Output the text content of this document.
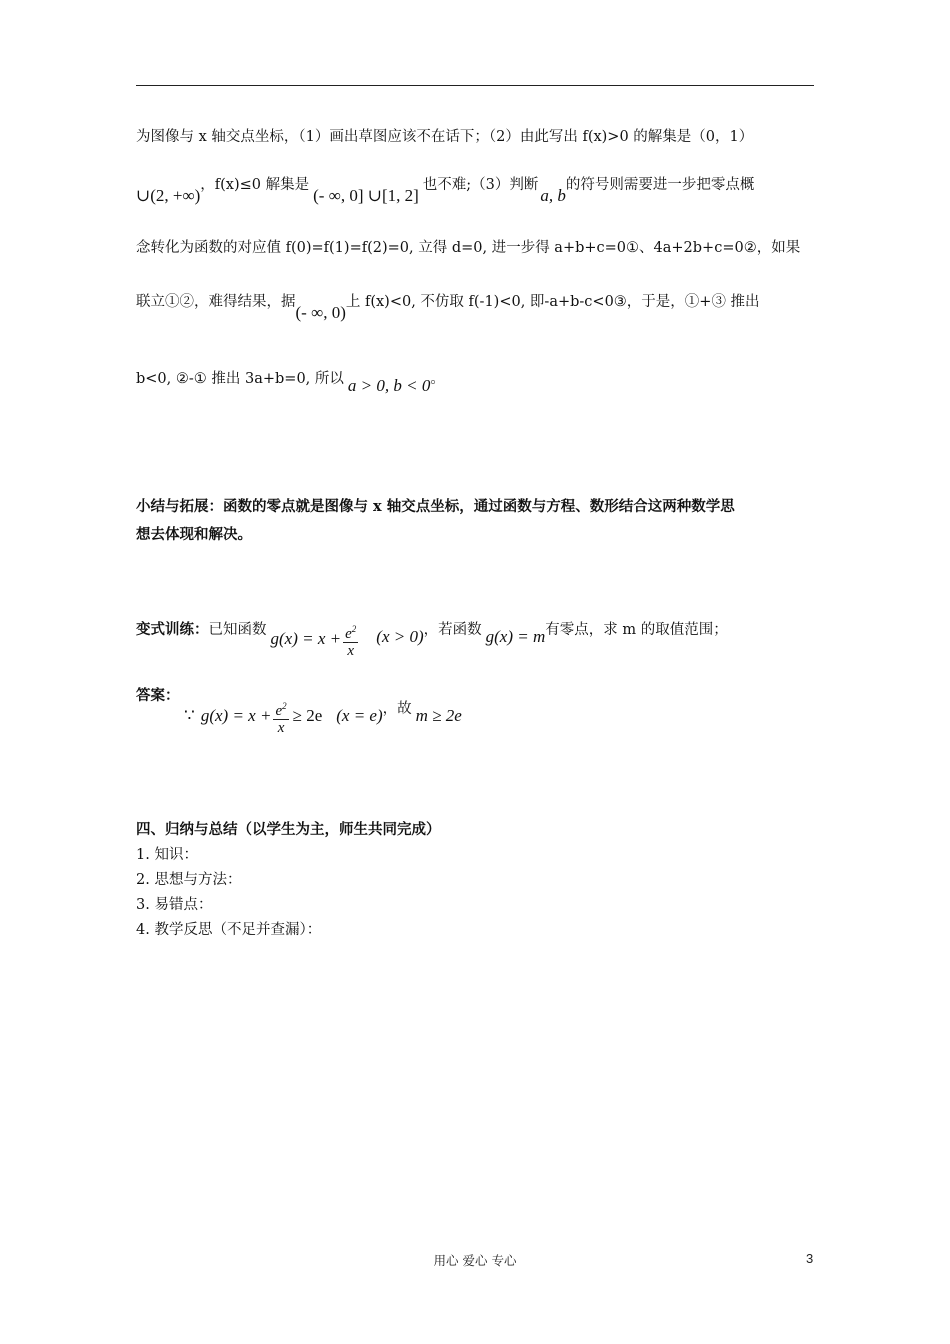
为图像与 x 轴交点坐标，（1）画出草图应该不在话下；（2）由此写出 f(x)>0 的解集是（0，1）
∪(2, +∞)，f(x)≤0 解集是(- ∞, 0] ∪[1, 2]也不难;（3）判断a, b的符号则需要进一步把零点概
念转化为函数的对应值 f(0)=f(1)=f(2)=0, 立得 d=0, 进一步得 a+b+c=0①、4a+2b+c=0②，如果
联立①②，难得结果，据(- ∞, 0)上 f(x)<0, 不仿取 f(-1)<0, 即-a+b-c<0③，于是，①+③ 推出
b<0, ②-① 推出 3a+b=0, 所以 a > 0, b < 0。
小结与拓展：函数的零点就是图像与 x 轴交点坐标，通过函数与方程、数形结合这两种数学思
想去体现和解决。
变式训练：已知函数 $g(x) = x + \frac{e^2}{x} (x > 0)$，若函数 g(x) = m有零点，求 m 的取值范围；
答案：

∵ $g(x) = x + \frac{e^2}{x} \ge 2e$ (x = e)，故 m ≥ 2e
四、归纳与总结（以学生为主，师生共同完成）
1. 知识：
2. 思想与方法：
3. 易错点：
4. 教学反思（不足并查漏）：
用心 爱心 专心	3
